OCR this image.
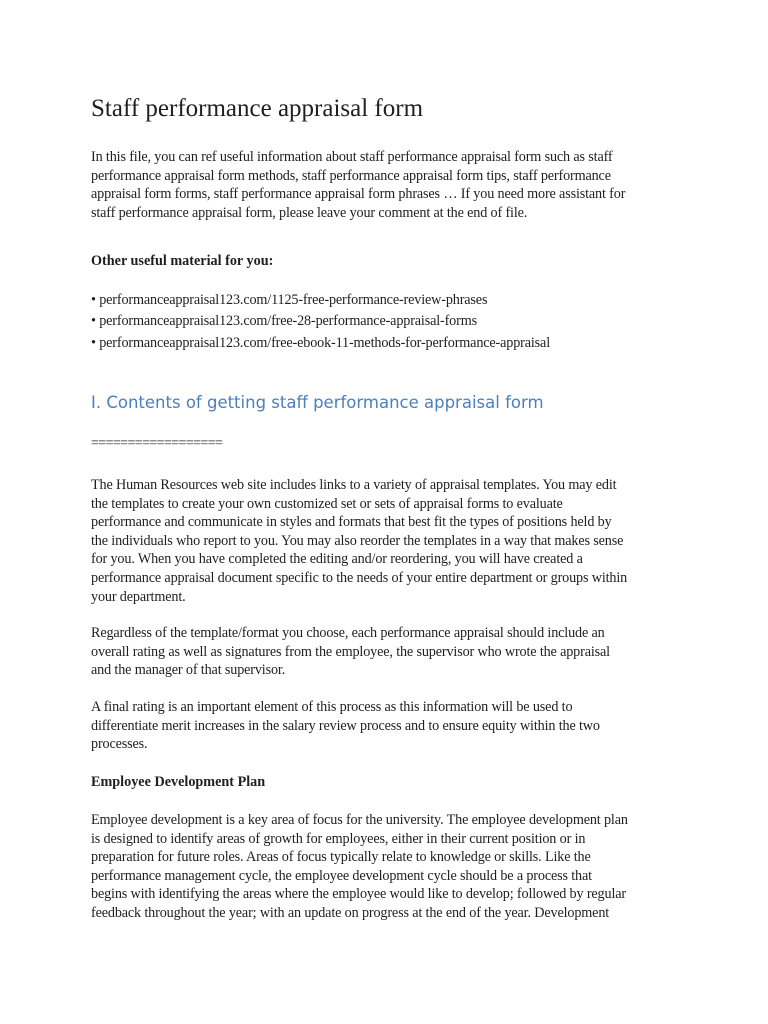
Staff performance appraisal form

In this file, you can ref useful information about staff performance appraisal form such as staff
performance appraisal form methods, staff performance appraisal form tips, staff performance
appraisal form forms, staff performance appraisal form phrases … If you need more assistant for
staff performance appraisal form, please leave your comment at the end of file.

Other useful material for you:

• performanceappraisal123.com/1125-free-performance-review-phrases
• performanceappraisal123.com/free-28-performance-appraisal-forms
• performanceappraisal123.com/free-ebook-11-methods-for-performance-appraisal
I. Contents of getting staff performance appraisal form

==================

The Human Resources web site includes links to a variety of appraisal templates. You may edit
the templates to create your own customized set or sets of appraisal forms to evaluate
performance and communicate in styles and formats that best fit the types of positions held by
the individuals who report to you. You may also reorder the templates in a way that makes sense
for you. When you have completed the editing and/or reordering, you will have created a
performance appraisal document specific to the needs of your entire department or groups within
your department.

Regardless of the template/format you choose, each performance appraisal should include an
overall rating as well as signatures from the employee, the supervisor who wrote the appraisal
and the manager of that supervisor.

A final rating is an important element of this process as this information will be used to
differentiate merit increases in the salary review process and to ensure equity within the two
processes.

Employee Development Plan

Employee development is a key area of focus for the university. The employee development plan
is designed to identify areas of growth for employees, either in their current position or in
preparation for future roles. Areas of focus typically relate to knowledge or skills. Like the
performance management cycle, the employee development cycle should be a process that
begins with identifying the areas where the employee would like to develop; followed by regular
feedback throughout the year; with an update on progress at the end of the year. Development
